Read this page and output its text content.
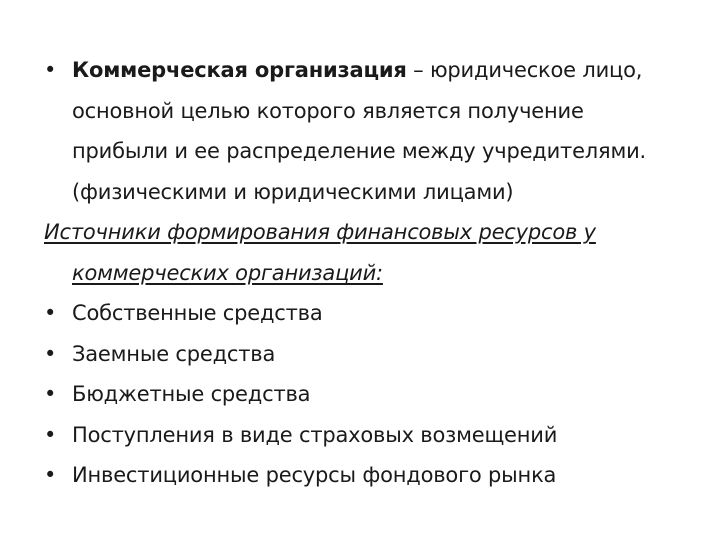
•
Коммерческая организация – юридическое лицо, основной целью которого является получение прибыли и ее распределение между учредителями. (физическими и юридическими лицами)
Источники формирования финансовых ресурсов у коммерческих организаций:
•
Собственные средства
•
Заемные средства
•
Бюджетные средства
•
Поступления в виде страховых возмещений
•
Инвестиционные ресурсы фондового рынка
